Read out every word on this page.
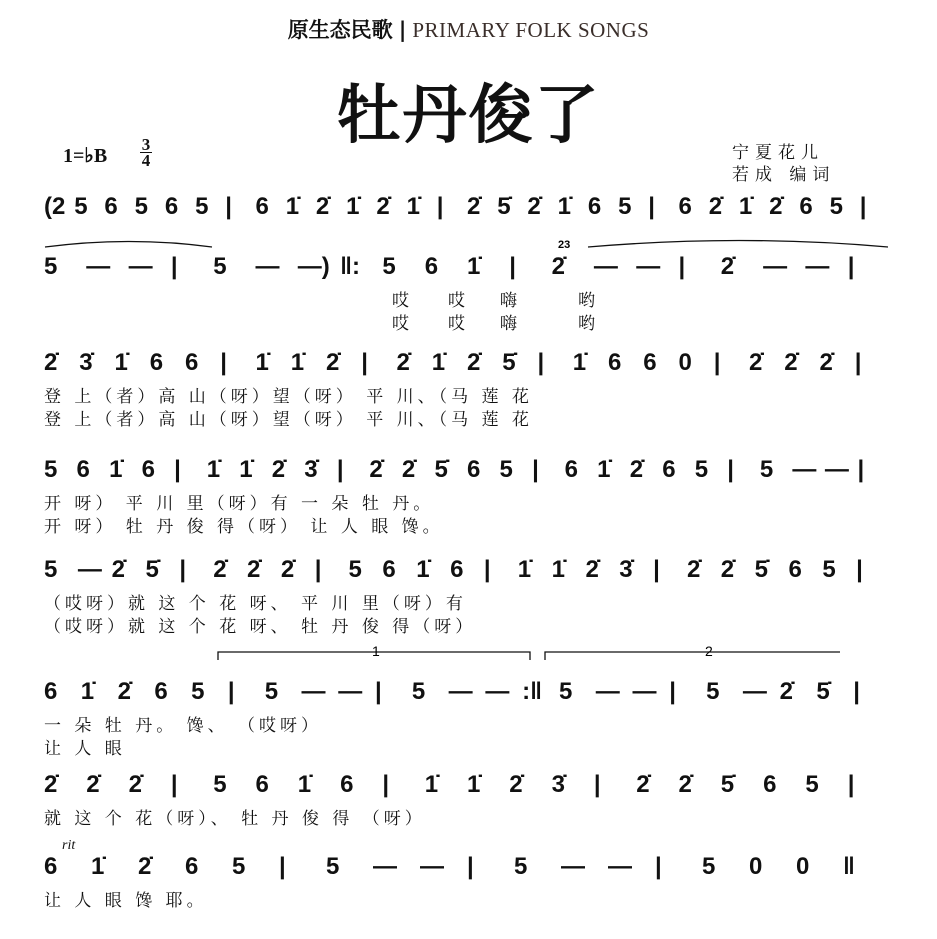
原生态民歌 | PRIMARY FOLK SONGS
牡丹俊了
1=♭B
3
4	宁夏花儿
若成 编词
rit
(2 5 6 5 6 5 | 6 1̇ 2̇ 1̇ 2̇ 1̇ | 2̇ 5̇ 2̇ 1̇ 6 5 | 6 2̇ 1̇ 2̇ 6 5 |
5 — — | 5 — —) ‖: 5 6 1̇ | 2̇ — — | 2̇ — — |
哎 哎 嗨	哟
哎 哎 嗨	哟
2̇ 3̇ 1̇ 6 6 | 1̇ 1̇ 2̇ | 2̇ 1̇ 2̇ 5̇ | 1̇ 6 6 0 | 2̇ 2̇ 2̇ |
登 上（者）高 山（呀）望（呀） 平 川、（马 莲 花
登 上（者）高 山（呀）望（呀） 平 川、（马 莲 花
5 6 1̇ 6 | 1̇ 1̇ 2̇ 3̇ | 2̇ 2̇ 5̇ 6 5 | 6 1̇ 2̇ 6 5 | 5 — — |
开 呀） 平 川 里（呀）有 一 朵 牡 丹。
开 呀） 牡 丹 俊 得（呀） 让 人 眼 馋。
5 — 2̇ 5̇ | 2̇ 2̇ 2̇ | 5 6 1̇ 6 | 1̇ 1̇ 2̇ 3̇ | 2̇ 2̇ 5̇ 6 5 |
（哎呀）就 这 个 花 呀、 平 川 里（呀）有
（哎呀）就 这 个 花 呀、 牡 丹 俊 得（呀）
6 1̇ 2̇ 6 5 | 5 — — | 5 — — :‖ 5 — — | 5 — 2̇ 5̇ |
一 朵 牡 丹。 馋、 （哎呀）
让 人 眼
2̇ 2̇ 2̇ | 5 6 1̇ 6 | 1̇ 1̇ 2̇ 3̇ | 2̇ 2̇ 5̇ 6 5 |
就 这 个 花（呀）、 牡 丹 俊 得 （呀）
6 1̇ 2̇ 6 5 | 5 — — | 5 — — | 5 0 0 ‖
让 人 眼 馋 耶。
1	2
23
